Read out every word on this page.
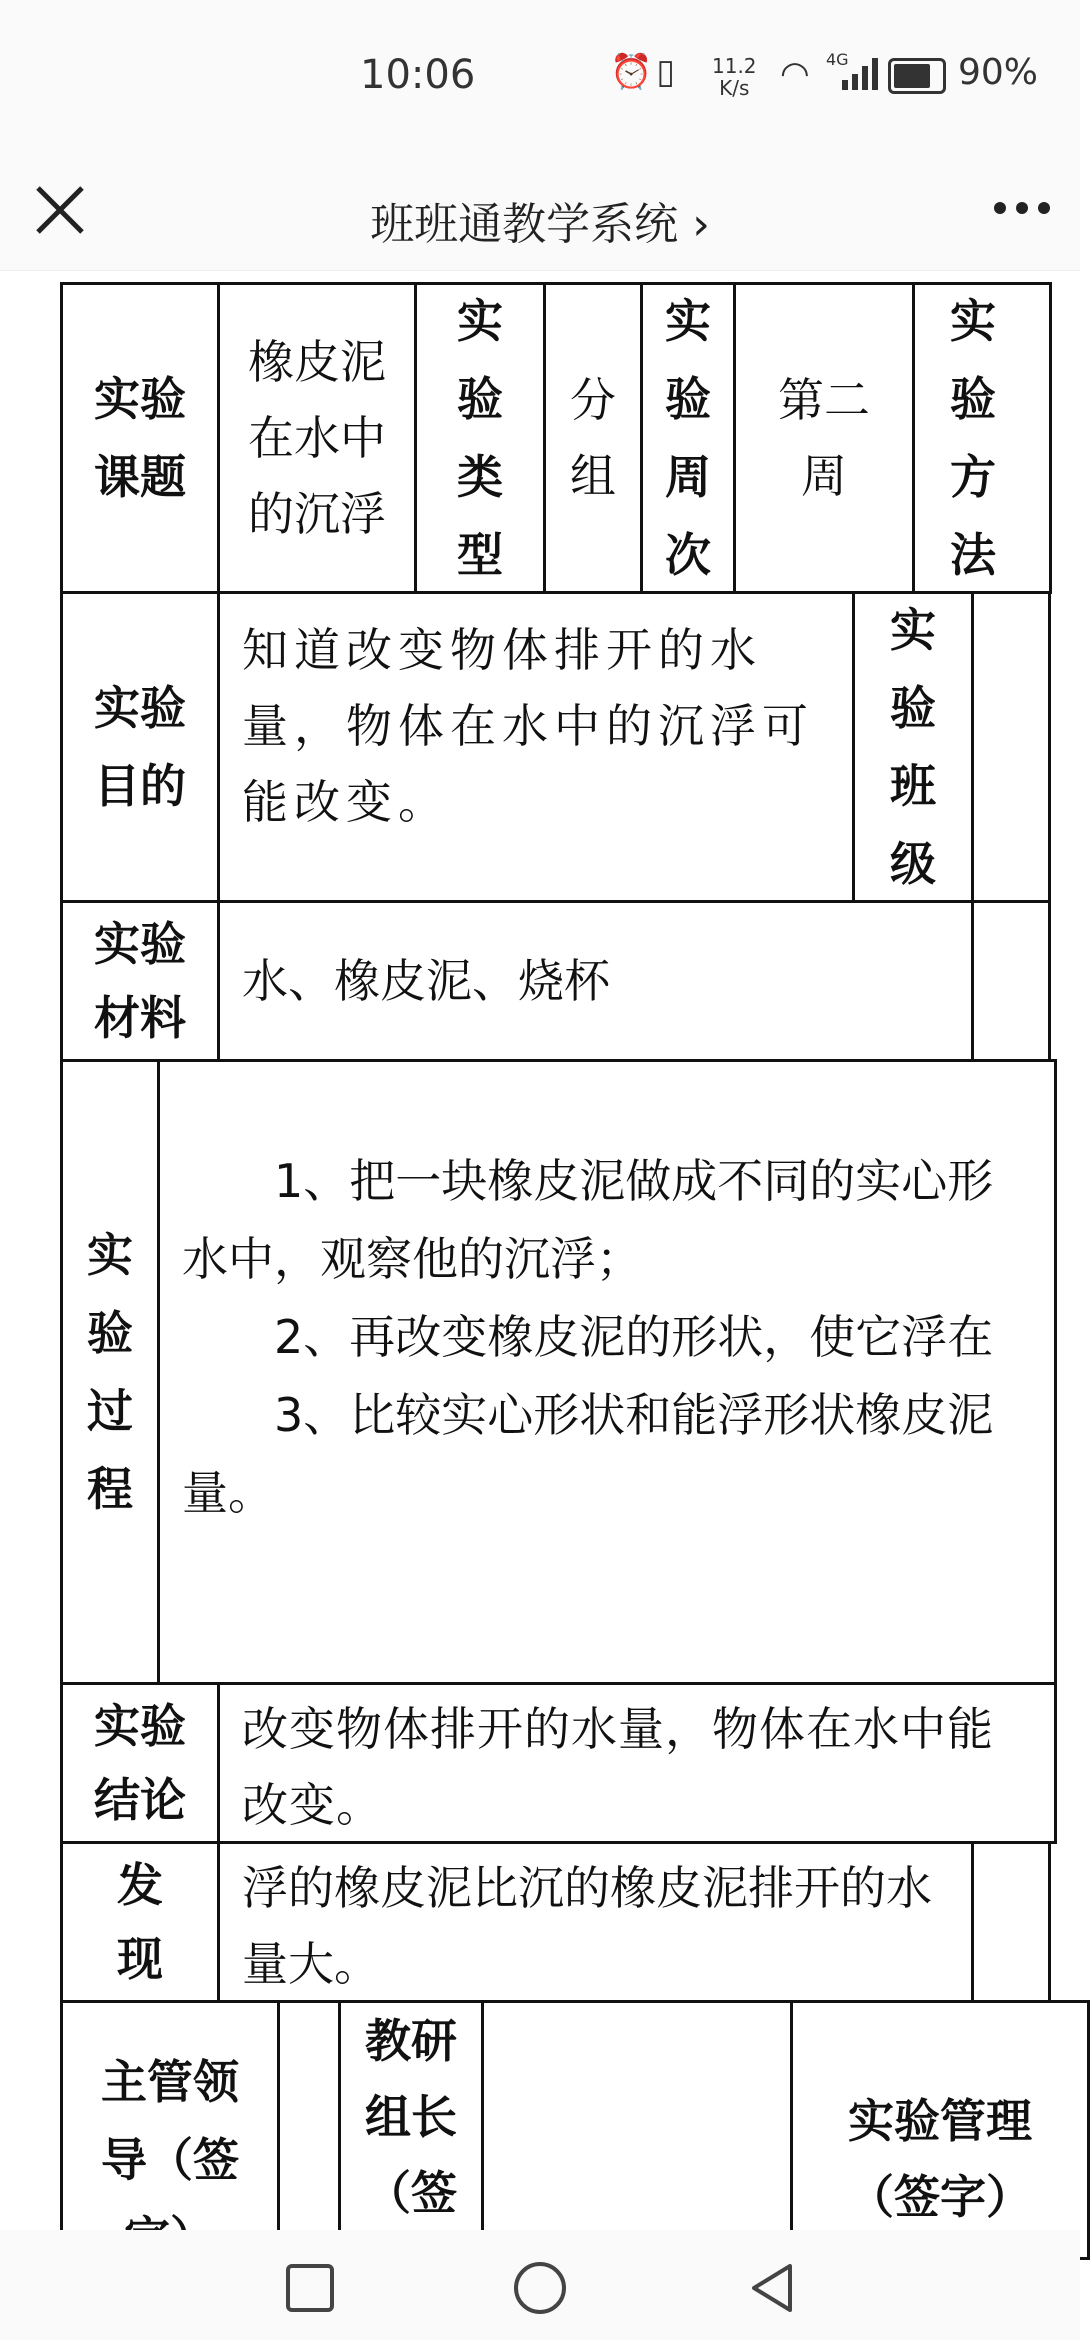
10:06	⏰▯ 11.2
K/s ◠ 4G	90%
班班通教学系统 ›
实验课题
橡皮泥在水中的沉浮
实验类型
分组
实验周次
第二周
实验方法
实验目的
知道改变物体排开的水量，物体在水中的沉浮可能改变。
实验班级
实验材料
水、橡皮泥、烧杯
实验过程
　　1、把一块橡皮泥做成不同的实心形
水中，观察他的沉浮；
　　2、再改变橡皮泥的形状，使它浮在
　　3、比较实心形状和能浮形状橡皮泥
量。
实验结论
改变物体排开的水量，物体在水中能改变。
发现
浮的橡皮泥比沉的橡皮泥排开的水量大。
主管领导（签
教研组长（签
实验管理（签字）
